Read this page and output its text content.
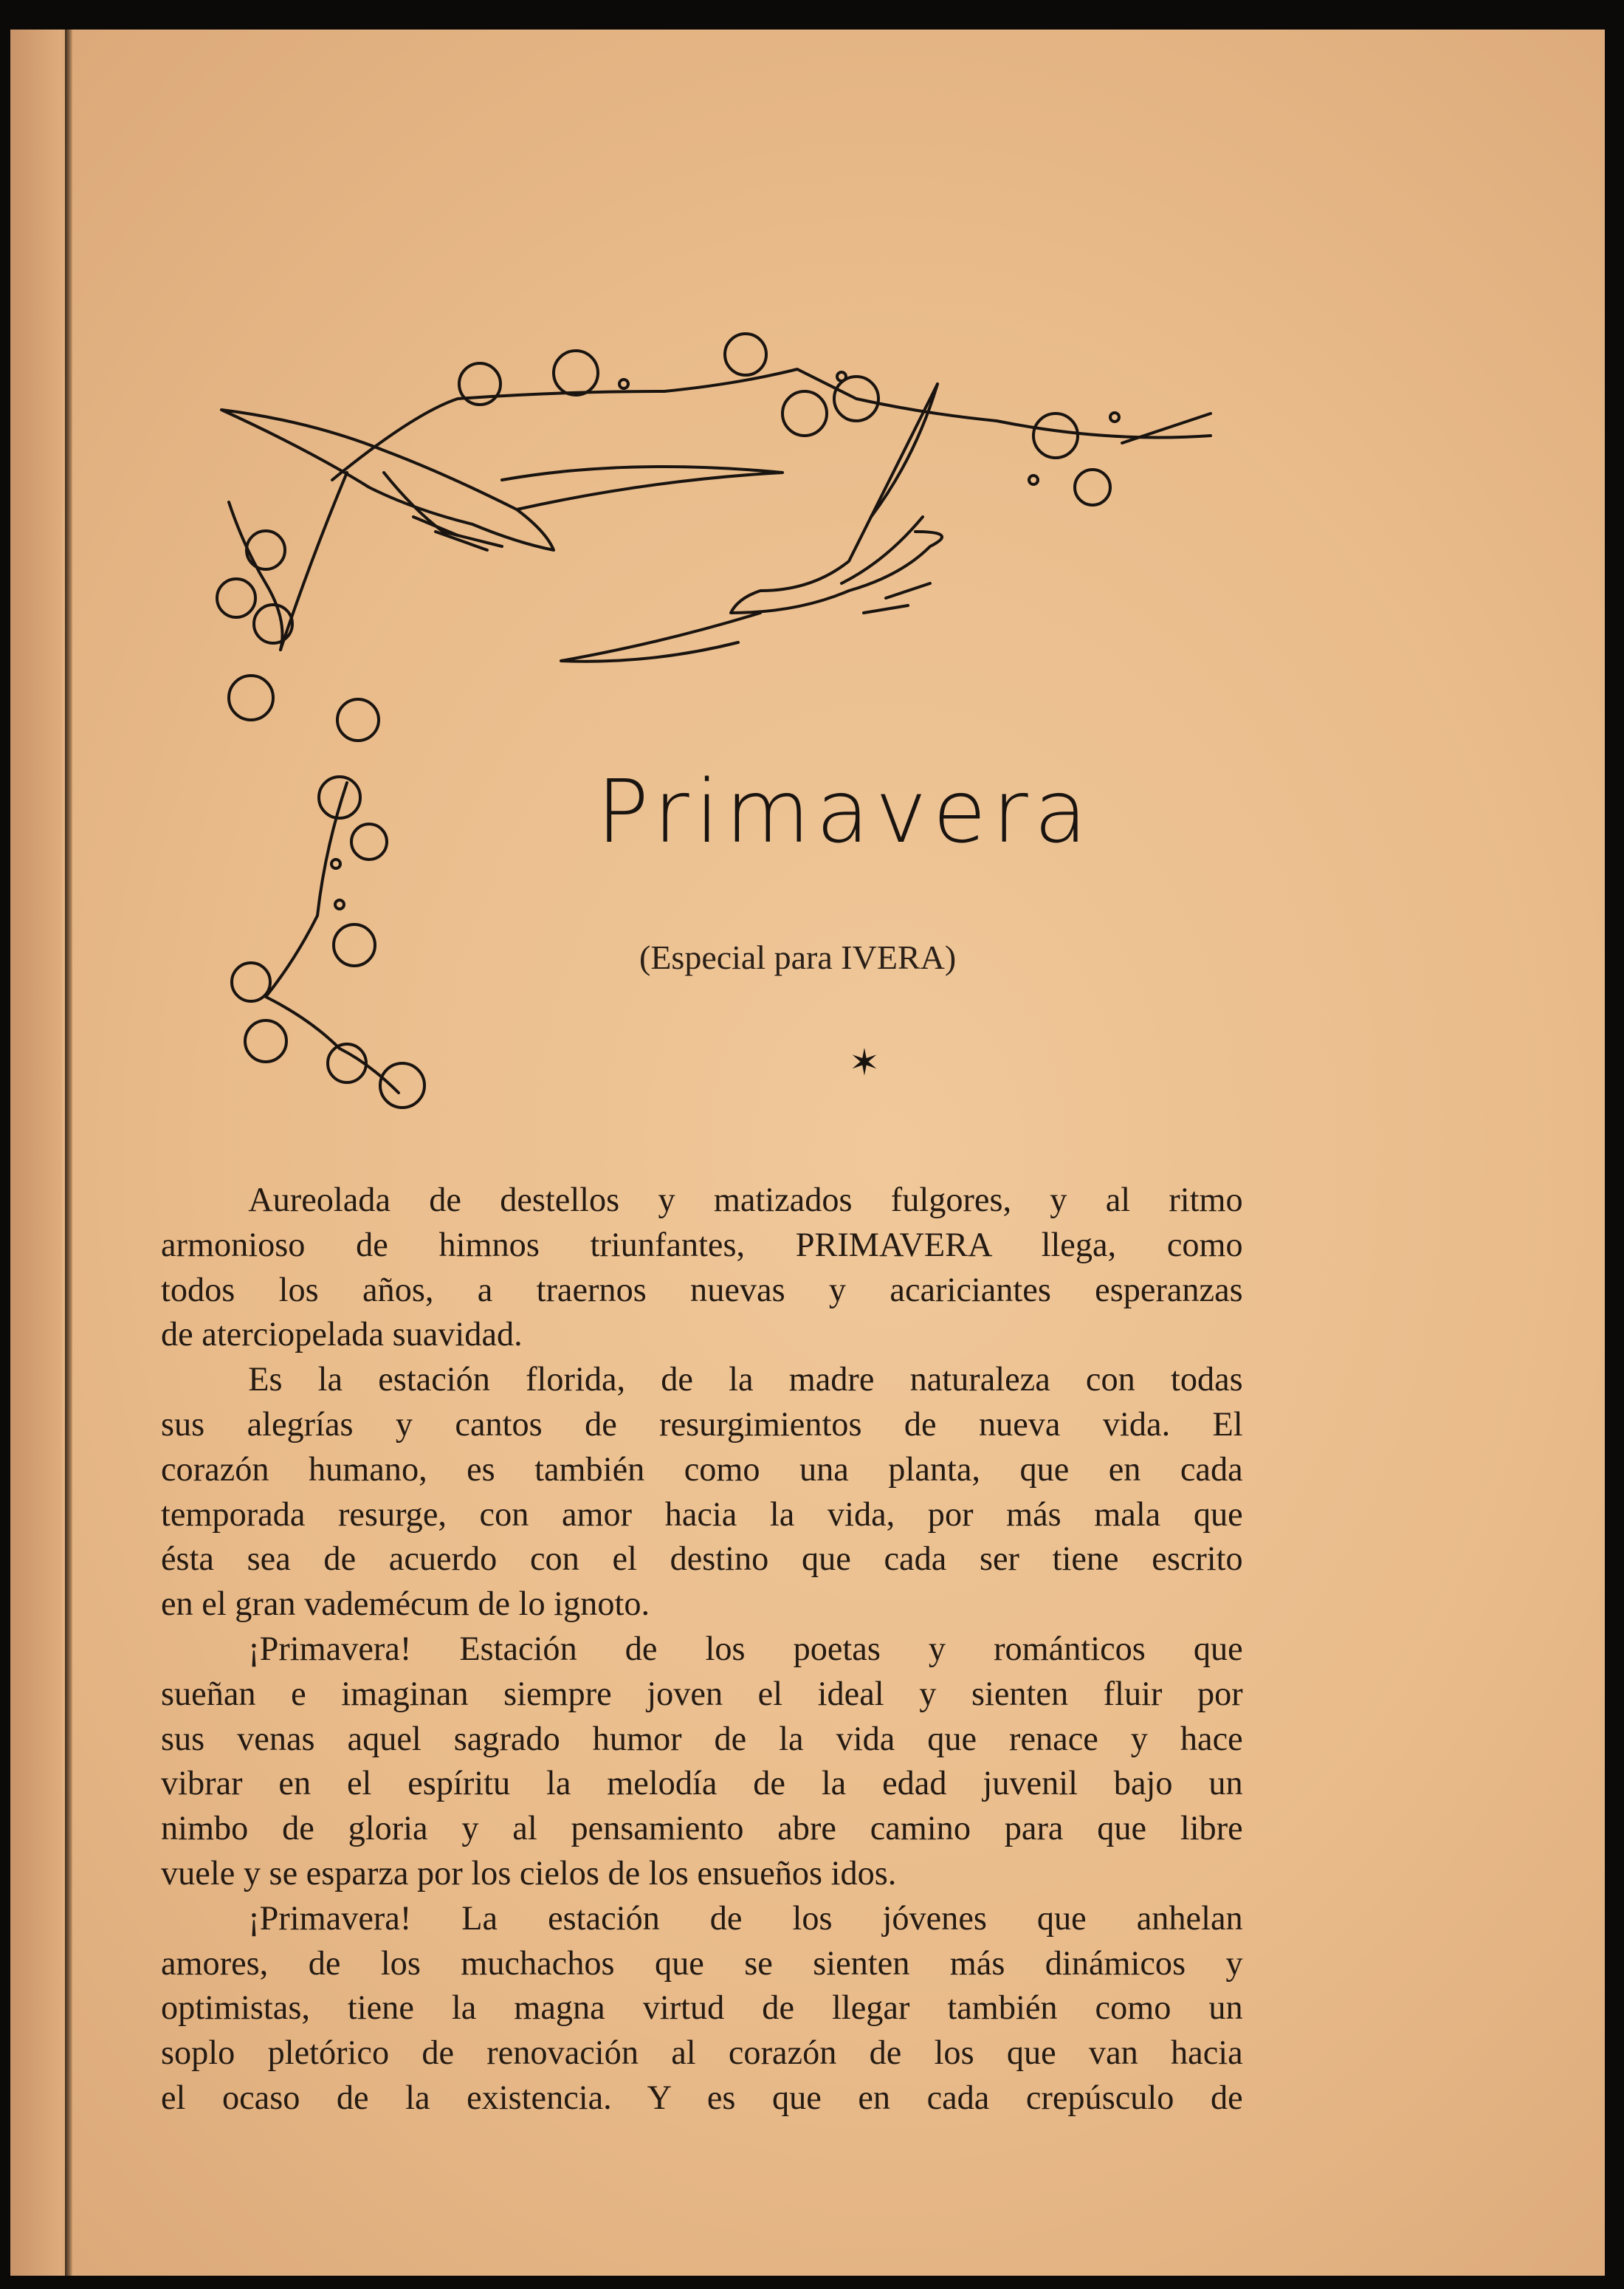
Primavera
(Especial para IVERA)
✶
Aureolada de destellos y matizados fulgores, y al ritmo
armonioso de himnos triunfantes, PRIMAVERA llega, como
todos los años, a traernos nuevas y acariciantes esperanzas
de aterciopelada suavidad.
Es la estación florida, de la madre naturaleza con todas
sus alegrías y cantos de resurgimientos de nueva vida. El
corazón humano, es también como una planta, que en cada
temporada resurge, con amor hacia la vida, por más mala que
ésta sea de acuerdo con el destino que cada ser tiene escrito
en el gran vademécum de lo ignoto.
¡Primavera! Estación de los poetas y románticos que
sueñan e imaginan siempre joven el ideal y sienten fluir por
sus venas aquel sagrado humor de la vida que renace y hace
vibrar en el espíritu la melodía de la edad juvenil bajo un
nimbo de gloria y al pensamiento abre camino para que libre
vuele y se esparza por los cielos de los ensueños idos.
¡Primavera! La estación de los jóvenes que anhelan
amores, de los muchachos que se sienten más dinámicos y
optimistas, tiene la magna virtud de llegar también como un
soplo pletórico de renovación al corazón de los que van hacia
el ocaso de la existencia. Y es que en cada crepúsculo de
